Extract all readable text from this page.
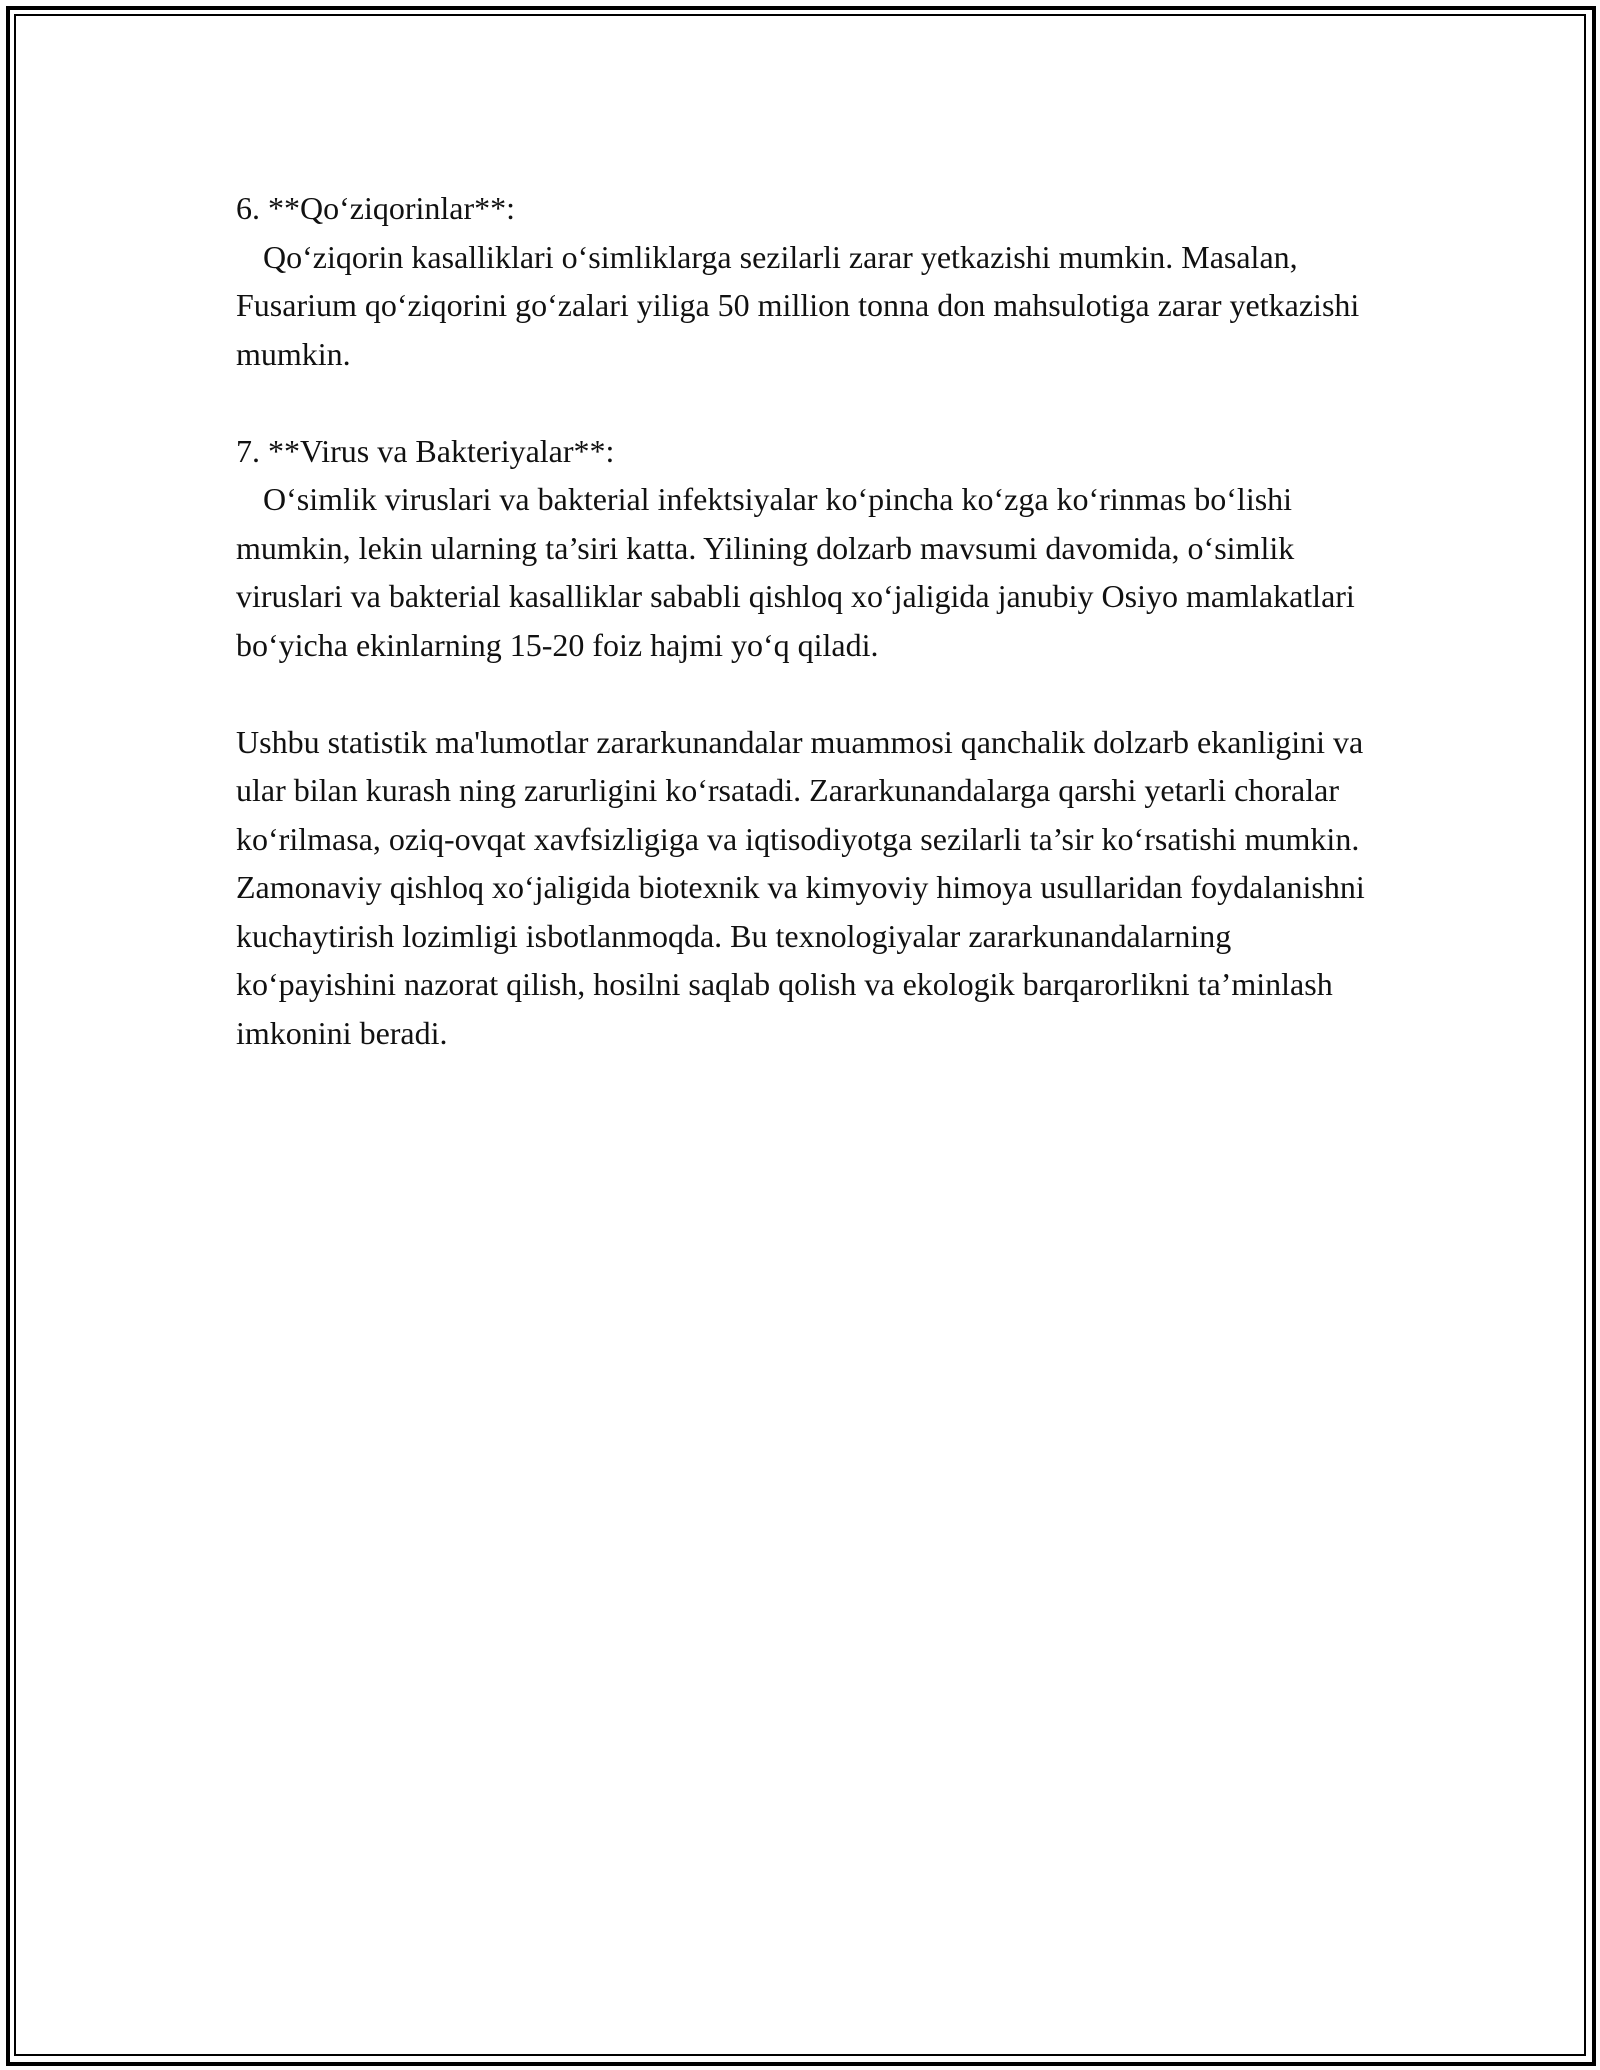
6. **Qo‘ziqorinlar**:

Qo‘ziqorin kasalliklari o‘simliklarga sezilarli zarar yetkazishi mumkin. Masalan, Fusarium qo‘ziqorini go‘zalari yiliga 50 million tonna don mahsulotiga zarar yetkazishi mumkin.

7. **Virus va Bakteriyalar**:

O‘simlik viruslari va bakterial infektsiyalar ko‘pincha ko‘zga ko‘rinmas bo‘lishi mumkin, lekin ularning ta’siri katta. Yilining dolzarb mavsumi davomida, o‘simlik viruslari va bakterial kasalliklar sababli qishloq xo‘jaligida janubiy Osiyo mamlakatlari bo‘yicha ekinlarning 15-20 foiz hajmi yo‘q qiladi.

Ushbu statistik ma'lumotlar zararkunandalar muammosi qanchalik dolzarb ekanligini va ular bilan kurash ning zarurligini ko‘rsatadi. Zararkunandalarga qarshi yetarli choralar ko‘rilmasa, oziq-ovqat xavfsizligiga va iqtisodiyotga sezilarli ta’sir ko‘rsatishi mumkin. Zamonaviy qishloq xo‘jaligida biotexnik va kimyoviy himoya usullaridan foydalanishni kuchaytirish lozimligi isbotlanmoqda. Bu texnologiyalar zararkunandalarning ko‘payishini nazorat qilish, hosilni saqlab qolish va ekologik barqarorlikni ta’minlash imkonini beradi.
